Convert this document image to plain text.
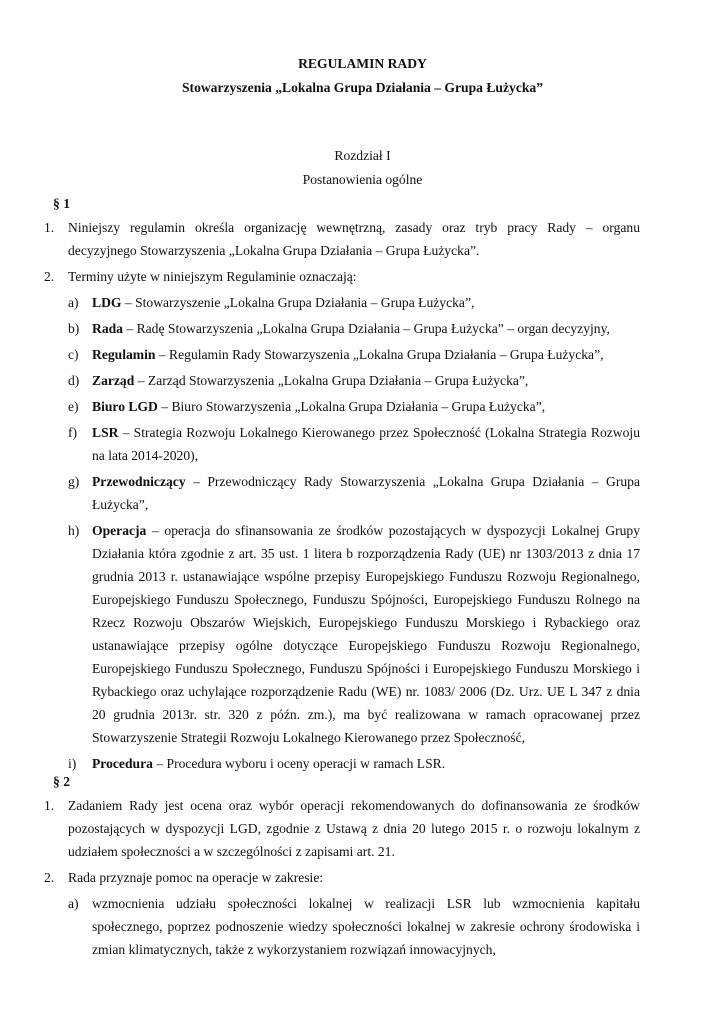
REGULAMIN RADY
Stowarzyszenia „Lokalna Grupa Działania – Grupa Łużycka”
Rozdział I
Postanowienia ogólne
§ 1
1. Niniejszy regulamin określa organizację wewnętrzną, zasady oraz tryb pracy Rady – organu decyzyjnego Stowarzyszenia „Lokalna Grupa Działania – Grupa Łużycka”.
2. Terminy użyte w niniejszym Regulaminie oznaczają:
a) LDG – Stowarzyszenie „Lokalna Grupa Działania – Grupa Łużycka”,
b) Rada – Radę Stowarzyszenia „Lokalna Grupa Działania – Grupa Łużycka” – organ decyzyjny,
c) Regulamin – Regulamin Rady Stowarzyszenia „Lokalna Grupa Działania – Grupa Łużycka”,
d) Zarząd – Zarząd Stowarzyszenia „Lokalna Grupa Działania – Grupa Łużycka”,
e) Biuro LGD – Biuro Stowarzyszenia „Lokalna Grupa Działania – Grupa Łużycka”,
f) LSR – Strategia Rozwoju Lokalnego Kierowanego przez Społeczność (Lokalna Strategia Rozwoju na lata 2014-2020),
g) Przewodniczący – Przewodniczący Rady Stowarzyszenia „Lokalna Grupa Działania – Grupa Łużycka”,
h) Operacja – operacja do sfinansowania ze środków pozostających w dyspozycji Lokalnej Grupy Działania która zgodnie z art. 35 ust. 1 litera b rozporządzenia Rady (UE) nr 1303/2013 z dnia 17 grudnia 2013 r. ustanawiające wspólne przepisy Europejskiego Funduszu Rozwoju Regionalnego, Europejskiego Funduszu Społecznego, Funduszu Spójności, Europejskiego Funduszu Rolnego na Rzecz Rozwoju Obszarów Wiejskich, Europejskiego Funduszu Morskiego i Rybackiego oraz ustanawiające przepisy ogólne dotyczące Europejskiego Funduszu Rozwoju Regionalnego, Europejskiego Funduszu Społecznego, Funduszu Spójności i Europejskiego Funduszu Morskiego i Rybackiego oraz uchylające rozporządzenie Radu (WE) nr. 1083/ 2006 (Dz. Urz. UE L 347 z dnia 20 grudnia 2013r. str. 320 z późn. zm.), ma być realizowana w ramach opracowanej przez Stowarzyszenie Strategii Rozwoju Lokalnego Kierowanego przez Społeczność,
i) Procedura – Procedura wyboru i oceny operacji w ramach LSR.
§ 2
1. Zadaniem Rady jest ocena oraz wybór operacji rekomendowanych do dofinansowania ze środków pozostających w dyspozycji LGD, zgodnie z Ustawą z dnia 20 lutego 2015 r. o rozwoju lokalnym z udziałem społeczności a w szczególności z zapisami art. 21.
2. Rada przyznaje pomoc na operacje w zakresie:
a) wzmocnienia udziału społeczności lokalnej w realizacji LSR lub wzmocnienia kapitału społecznego, poprzez podnoszenie wiedzy społeczności lokalnej w zakresie ochrony środowiska i zmian klimatycznych, także z wykorzystaniem rozwiązań innowacyjnych,
